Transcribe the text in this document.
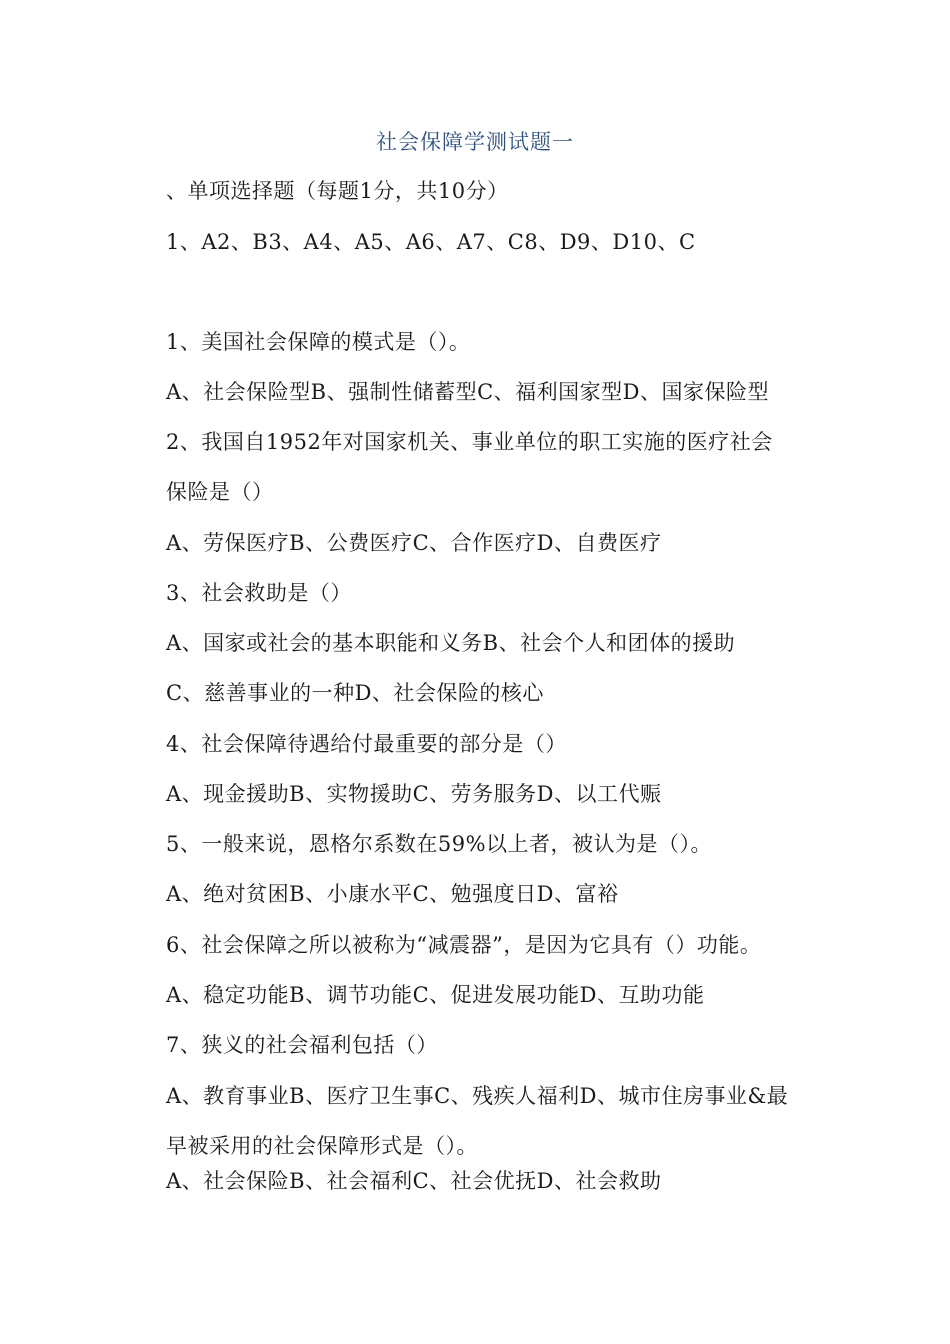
社会保障学测试题一
、单项选择题（每题1分，共10分）
1、A2、B3、A4、A5、A6、A7、C8、D9、D10、C
1、美国社会保障的模式是（）。
A、社会保险型B、强制性储蓄型C、福利国家型D、国家保险型
2、我国自1952年对国家机关、事业单位的职工实施的医疗社会
保险是（）
A、劳保医疗B、公费医疗C、合作医疗D、自费医疗
3、社会救助是（）
A、国家或社会的基本职能和义务B、社会个人和团体的援助
C、慈善事业的一种D、社会保险的核心
4、社会保障待遇给付最重要的部分是（）
A、现金援助B、实物援助C、劳务服务D、以工代赈
5、一般来说，恩格尔系数在59%以上者，被认为是（）。
A、绝对贫困B、小康水平C、勉强度日D、富裕
6、社会保障之所以被称为“减震器”，是因为它具有（）功能。
A、稳定功能B、调节功能C、促进发展功能D、互助功能
7、狭义的社会福利包括（）
A、教育事业B、医疗卫生事C、残疾人福利D、城市住房事业&最
早被采用的社会保障形式是（）。
A、社会保险B、社会福利C、社会优抚D、社会救助
